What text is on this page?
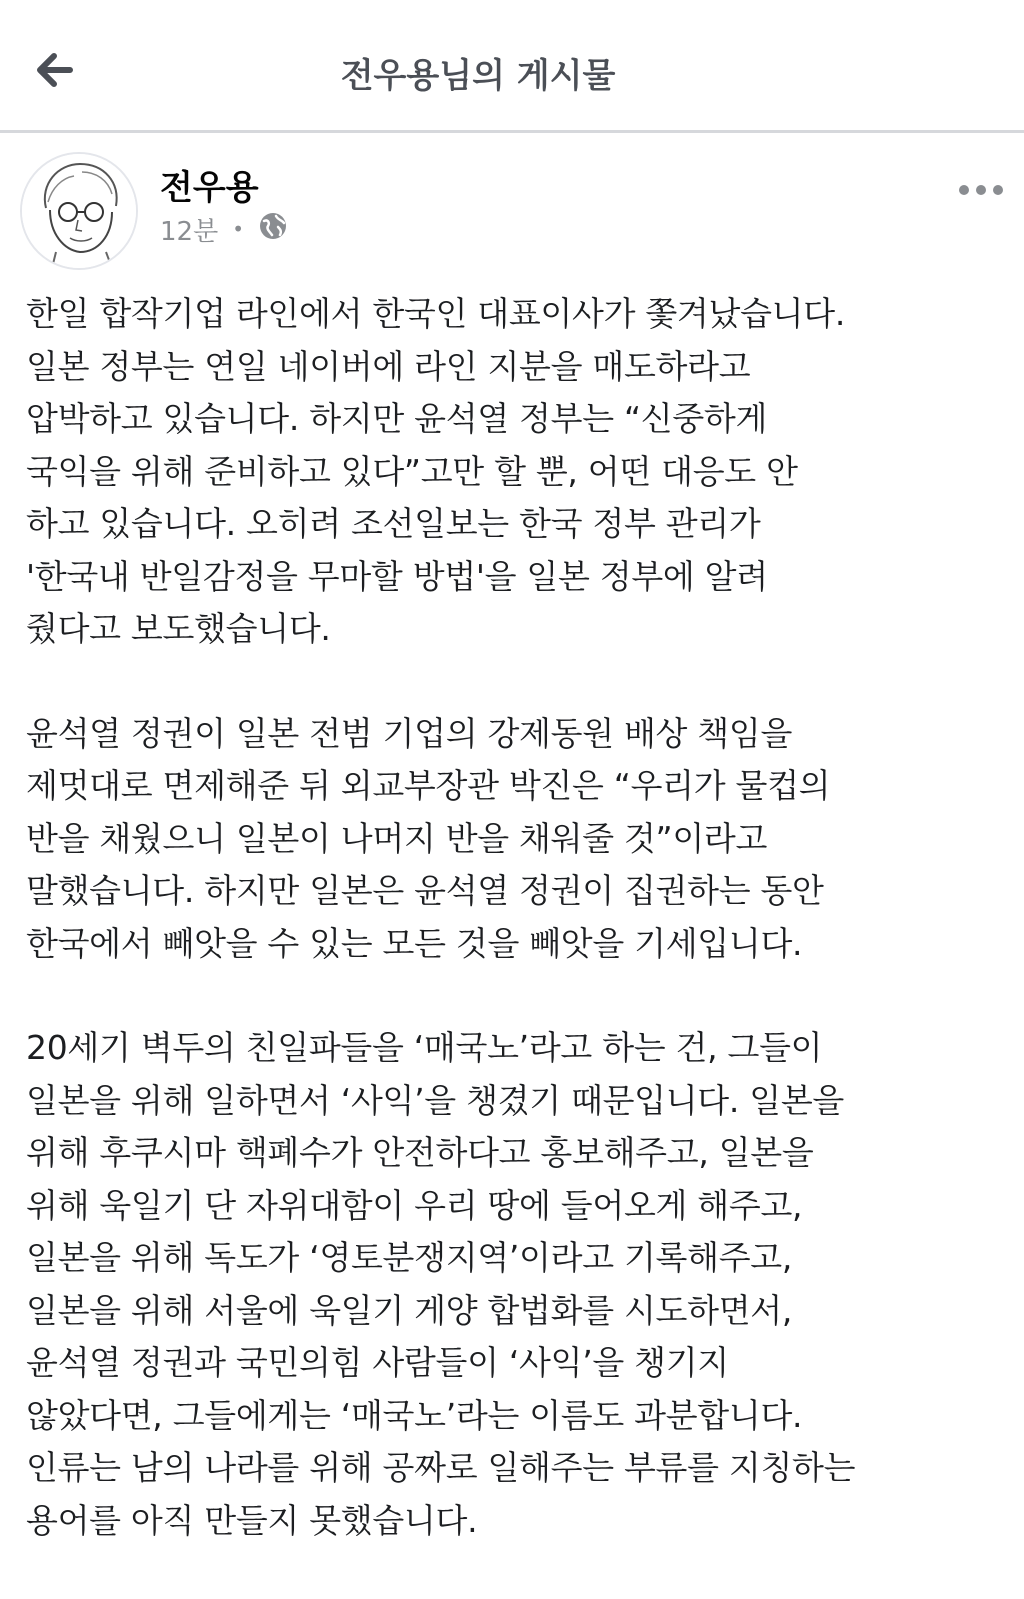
전우용님의 게시물
전우용
12분 •

한일 합작기업 라인에서 한국인 대표이사가 쫓겨났습니다.
일본 정부는 연일 네이버에 라인 지분을 매도하라고
압박하고 있습니다. 하지만 윤석열 정부는 “신중하게
국익을 위해 준비하고 있다”고만 할 뿐, 어떤 대응도 안
하고 있습니다. 오히려 조선일보는 한국 정부 관리가
'한국내 반일감정을 무마할 방법'을 일본 정부에 알려
줬다고 보도했습니다.

윤석열 정권이 일본 전범 기업의 강제동원 배상 책임을
제멋대로 면제해준 뒤 외교부장관 박진은 “우리가 물컵의
반을 채웠으니 일본이 나머지 반을 채워줄 것”이라고
말했습니다. 하지만 일본은 윤석열 정권이 집권하는 동안
한국에서 빼앗을 수 있는 모든 것을 빼앗을 기세입니다.

20세기 벽두의 친일파들을 ‘매국노’라고 하는 건, 그들이
일본을 위해 일하면서 ‘사익’을 챙겼기 때문입니다. 일본을
위해 후쿠시마 핵폐수가 안전하다고 홍보해주고, 일본을
위해 욱일기 단 자위대함이 우리 땅에 들어오게 해주고,
일본을 위해 독도가 ‘영토분쟁지역’이라고 기록해주고,
일본을 위해 서울에 욱일기 게양 합법화를 시도하면서,
윤석열 정권과 국민의힘 사람들이 ‘사익’을 챙기지
않았다면, 그들에게는 ‘매국노’라는 이름도 과분합니다.
인류는 남의 나라를 위해 공짜로 일해주는 부류를 지칭하는
용어를 아직 만들지 못했습니다.
